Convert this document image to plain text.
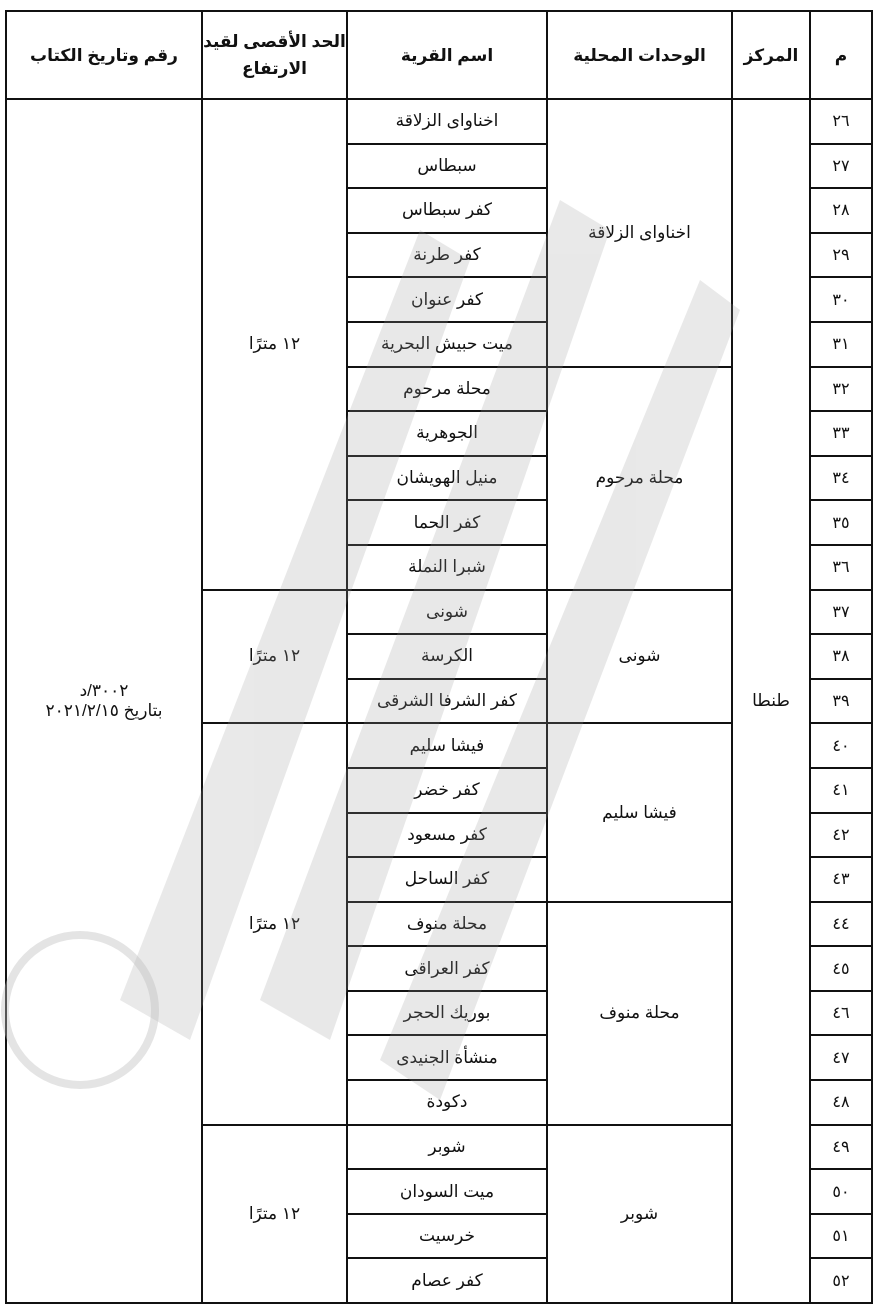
م	المركز	الوحدات المحلية	اسم القرية	الحد الأقصى لقيد الارتفاع	رقم وتاريخ الكتاب
٢٦	طنطا	اخناواى الزلاقة	اخناواى الزلاقة	١٢ مترًا	٣٠٠٢/د
بتاريخ ٢٠٢١/٢/١٥

٢٧			سبطاس		
٢٨			كفر سبطاس		
٢٩			كفر طرنة		
٣٠			كفر عنوان		
٣١			ميت حبيش البحرية		
٣٢		محلة مرحوم	محلة مرحوم		
٣٣			الجوهرية		
٣٤			منيل الهويشان		
٣٥			كفر الحما		
٣٦			شبرا النملة		
٣٧		شونى	شونى	١٢ مترًا	
٣٨			الكرسة		
٣٩			كفر الشرفا الشرقى		
٤٠		فيشا سليم	فيشا سليم	١٢ مترًا	
٤١			كفر خضر		
٤٢			كفر مسعود		
٤٣			كفر الساحل		
٤٤		محلة منوف	محلة منوف		
٤٥			كفر العراقى		
٤٦			بوريك الحجر		
٤٧			منشأة الجنيدى		
٤٨			دكودة		
٤٩		شوبر	شوبر	١٢ مترًا	
٥٠			ميت السودان		
٥١			خرسيت		
٥٢			كفر عصام		
